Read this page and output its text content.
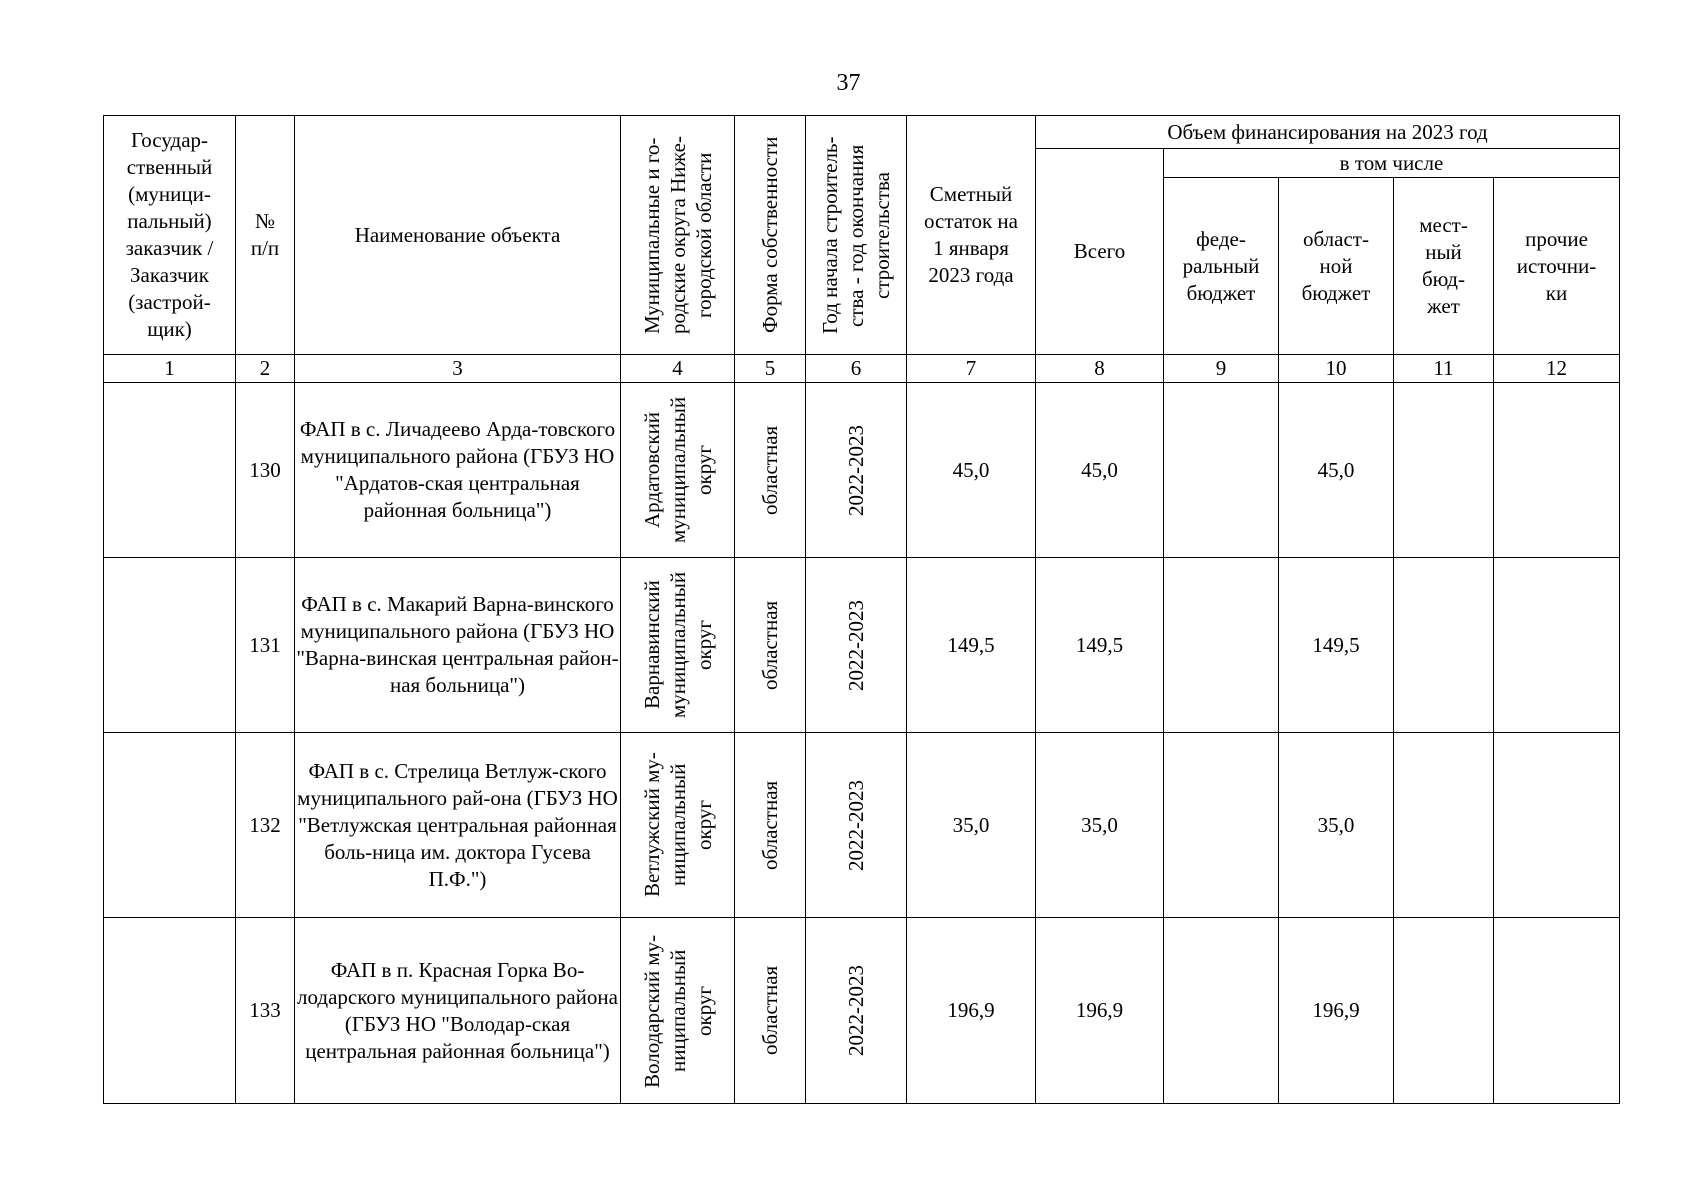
37
Государ-ственный (муници-пальный) заказчик / Заказчик (застрой-щик)	№ п/п	Наименование объекта	Муниципальные и го-родские округа Ниже-городской области	Форма собственности	Год начала строитель-ства - год окончания строительства	Сметный остаток на 1 января 2023 года	Объем финансирования на 2023 год				
							Всего	в том числе			
								феде-ральный бюджет	област-ной бюджет	мест-ный бюд-жет	прочие источни-ки
1	2	3	4	5	6	7	8	9	10	11	12
	130	ФАП в с. Личадеево Арда-товского муниципального района (ГБУЗ НО "Ардатов-ская центральная районная больница")	Ардатовский муниципальный округ	областная	2022-2023	45,0	45,0		45,0		
	131	ФАП в с. Макарий Варна-винского муниципального района (ГБУЗ НО "Варна-винская центральная район-ная больница")	Варнавинский муниципальный округ	областная	2022-2023	149,5	149,5		149,5		
	132	ФАП в с. Стрелица Ветлуж-ского муниципального рай-она (ГБУЗ НО "Ветлужская центральная районная боль-ница им. доктора Гусева П.Ф.")	Ветлужский му-ниципальный округ	областная	2022-2023	35,0	35,0		35,0		
	133	ФАП в п. Красная Горка Во-лодарского муниципального района (ГБУЗ НО "Володар-ская центральная районная больница")	Володарский му-ниципальный округ	областная	2022-2023	196,9	196,9		196,9		
